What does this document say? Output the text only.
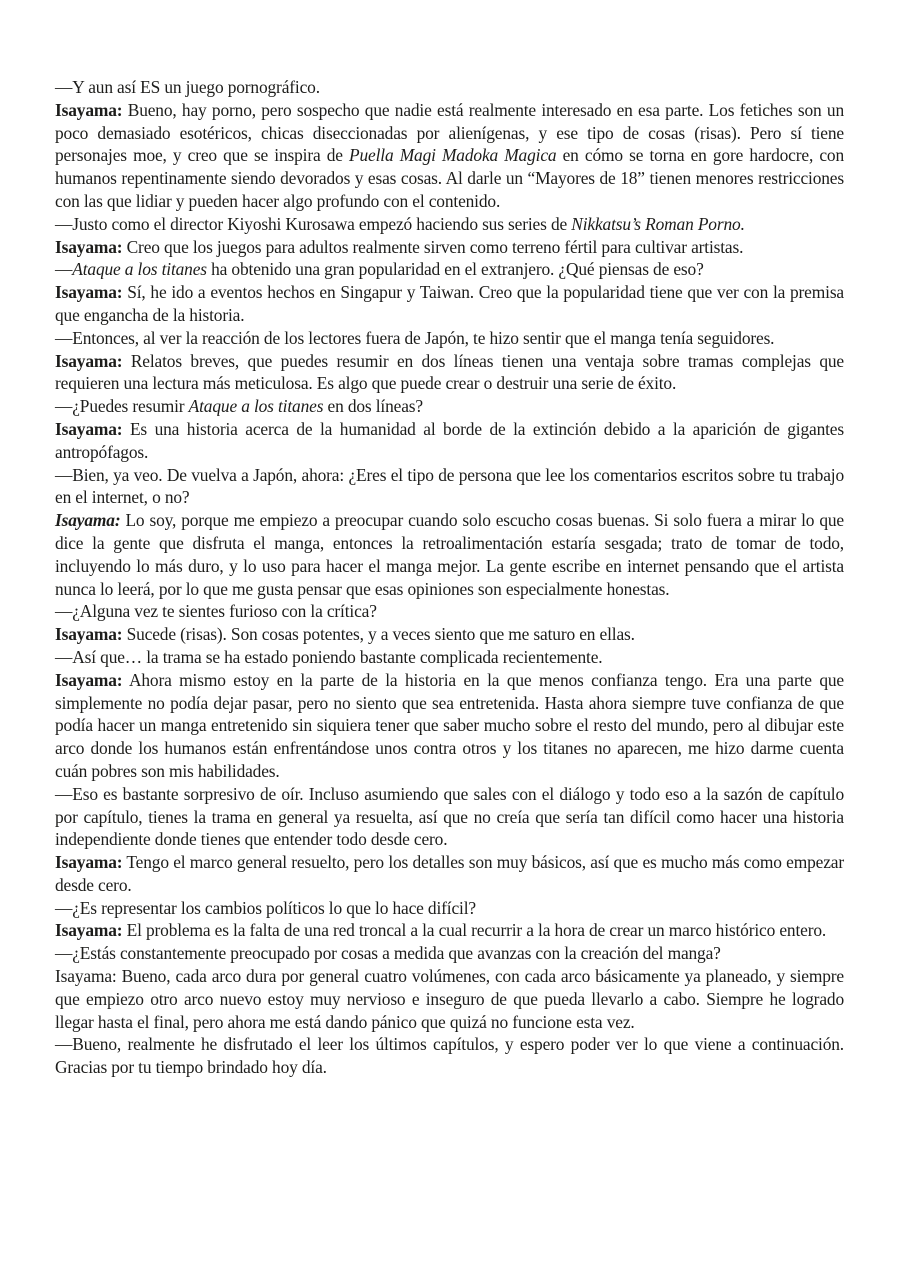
—Y aun así ES un juego pornográfico.

Isayama: Bueno, hay porno, pero sospecho que nadie está realmente interesado en esa parte. Los fetiches son un poco demasiado esotéricos, chicas diseccionadas por alienígenas, y ese tipo de cosas (risas). Pero sí tiene personajes moe, y creo que se inspira de Puella Magi Madoka Magica en cómo se torna en gore hardocre, con humanos repentinamente siendo devorados y esas cosas. Al darle un “Mayores de 18” tienen menores restricciones con las que lidiar y pueden hacer algo profundo con el contenido.

—Justo como el director Kiyoshi Kurosawa empezó haciendo sus series de Nikkatsu’s Roman Porno.

Isayama: Creo que los juegos para adultos realmente sirven como terreno fértil para cultivar artistas.

—Ataque a los titanes ha obtenido una gran popularidad en el extranjero. ¿Qué piensas de eso?

Isayama: Sí, he ido a eventos hechos en Singapur y Taiwan. Creo que la popularidad tiene que ver con la premisa que engancha de la historia.

—Entonces, al ver la reacción de los lectores fuera de Japón, te hizo sentir que el manga tenía seguidores.

Isayama: Relatos breves, que puedes resumir en dos líneas tienen una ventaja sobre tramas complejas que requieren una lectura más meticulosa. Es algo que puede crear o destruir una serie de éxito.

—¿Puedes resumir Ataque a los titanes en dos líneas?

Isayama: Es una historia acerca de la humanidad al borde de la extinción debido a la aparición de gigantes antropófagos.

—Bien, ya veo. De vuelva a Japón, ahora: ¿Eres el tipo de persona que lee los comentarios escritos sobre tu trabajo en el internet, o no?

Isayama: Lo soy, porque me empiezo a preocupar cuando solo escucho cosas buenas. Si solo fuera a mirar lo que dice la gente que disfruta el manga, entonces la retroalimentación estaría sesgada; trato de tomar de todo, incluyendo lo más duro, y lo uso para hacer el manga mejor. La gente escribe en internet pensando que el artista nunca lo leerá, por lo que me gusta pensar que esas opiniones son especialmente honestas.

—¿Alguna vez te sientes furioso con la crítica?

Isayama: Sucede (risas). Son cosas potentes, y a veces siento que me saturo en ellas.

—Así que… la trama se ha estado poniendo bastante complicada recientemente.

Isayama: Ahora mismo estoy en la parte de la historia en la que menos confianza tengo. Era una parte que simplemente no podía dejar pasar, pero no siento que sea entretenida. Hasta ahora siempre tuve confianza de que podía hacer un manga entretenido sin siquiera tener que saber mucho sobre el resto del mundo, pero al dibujar este arco donde los humanos están enfrentándose unos contra otros y los titanes no aparecen, me hizo darme cuenta cuán pobres son mis habilidades.

—Eso es bastante sorpresivo de oír. Incluso asumiendo que sales con el diálogo y todo eso a la sazón de capítulo por capítulo, tienes la trama en general ya resuelta, así que no creía que sería tan difícil como hacer una historia independiente donde tienes que entender todo desde cero.

Isayama: Tengo el marco general resuelto, pero los detalles son muy básicos, así que es mucho más como empezar desde cero.

—¿Es representar los cambios políticos lo que lo hace difícil?

Isayama: El problema es la falta de una red troncal a la cual recurrir a la hora de crear un marco histórico entero.

—¿Estás constantemente preocupado por cosas a medida que avanzas con la creación del manga?

Isayama: Bueno, cada arco dura por general cuatro volúmenes, con cada arco básicamente ya planeado, y siempre que empiezo otro arco nuevo estoy muy nervioso e inseguro de que pueda llevarlo a cabo. Siempre he logrado llegar hasta el final, pero ahora me está dando pánico que quizá no funcione esta vez.

—Bueno, realmente he disfrutado el leer los últimos capítulos, y espero poder ver lo que viene a continuación. Gracias por tu tiempo brindado hoy día.
